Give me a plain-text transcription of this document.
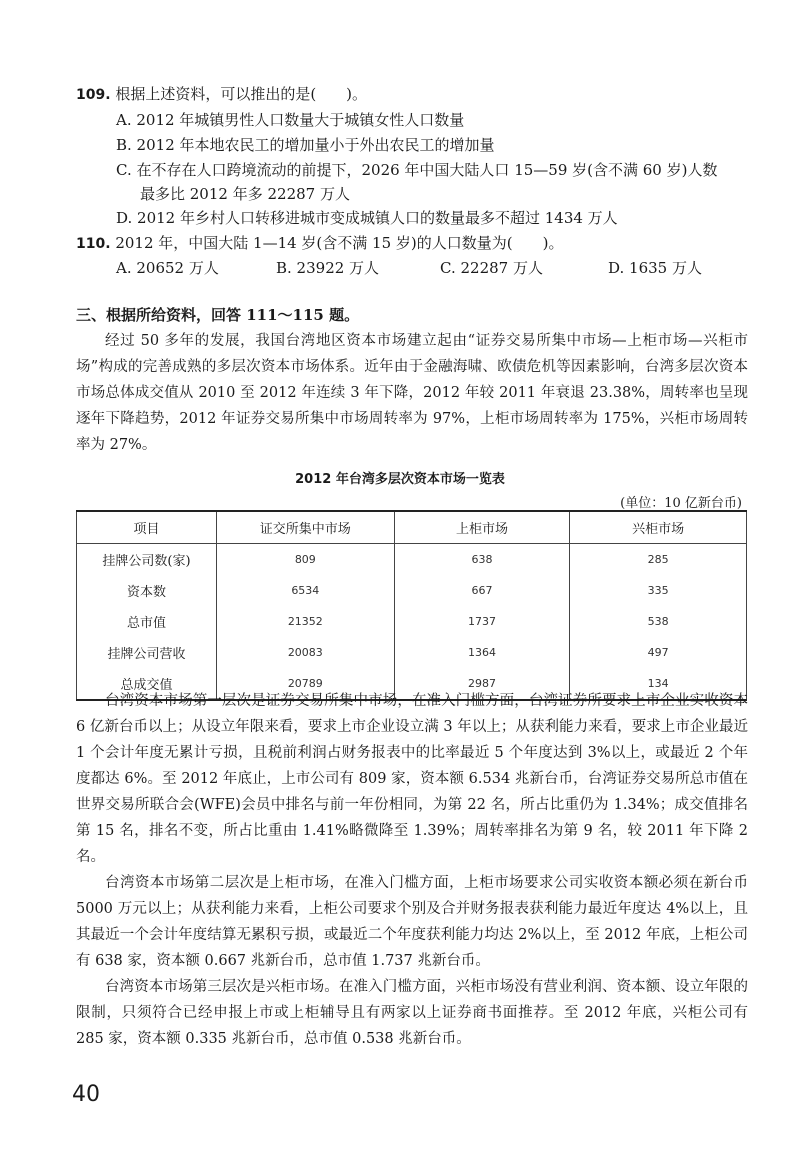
109. 根据上述资料，可以推出的是(　　)。
A. 2012 年城镇男性人口数量大于城镇女性人口数量
B. 2012 年本地农民工的增加量小于外出农民工的增加量
C. 在不存在人口跨境流动的前提下，2026 年中国大陆人口 15—59 岁(含不满 60 岁)人数
最多比 2012 年多 22287 万人
D. 2012 年乡村人口转移进城市变成城镇人口的数量最多不超过 1434 万人
110. 2012 年，中国大陆 1—14 岁(含不满 15 岁)的人口数量为(　　)。
A. 20652 万人	B. 23922 万人	C. 22287 万人	D. 1635 万人
三、根据所给资料，回答 111～115 题。

经过 50 多年的发展，我国台湾地区资本市场建立起由“证券交易所集中市场—上柜市场—兴柜市场”构成的完善成熟的多层次资本市场体系。近年由于金融海啸、欧债危机等因素影响，台湾多层次资本市场总体成交值从 2010 至 2012 年连续 3 年下降，2012 年较 2011 年衰退 23.38%，周转率也呈现逐年下降趋势，2012 年证券交易所集中市场周转率为 97%，上柜市场周转率为 175%，兴柜市场周转率为 27%。

2012 年台湾多层次资本市场一览表
(单位：10 亿新台币)
项目	证交所集中市场	上柜市场	兴柜市场
挂牌公司数(家)	809	638	285
资本数	6534	667	335
总市值	21352	1737	538
挂牌公司营收	20083	1364	497
总成交值	20789	2987	134

台湾资本市场第一层次是证券交易所集中市场，在准入门槛方面，台湾证券所要求上市企业实收资本 6 亿新台币以上；从设立年限来看，要求上市企业设立满 3 年以上；从获利能力来看，要求上市企业最近 1 个会计年度无累计亏损，且税前利润占财务报表中的比率最近 5 个年度达到 3%以上，或最近 2 个年度都达 6%。至 2012 年底止，上市公司有 809 家，资本额 6.534 兆新台币，台湾证券交易所总市值在世界交易所联合会(WFE)会员中排名与前一年份相同，为第 22 名，所占比重仍为 1.34%；成交值排名第 15 名，排名不变，所占比重由 1.41%略微降至 1.39%；周转率排名为第 9 名，较 2011 年下降 2 名。

台湾资本市场第二层次是上柜市场，在准入门槛方面，上柜市场要求公司实收资本额必须在新台币 5000 万元以上；从获利能力来看，上柜公司要求个别及合并财务报表获利能力最近年度达 4%以上，且其最近一个会计年度结算无累积亏损，或最近二个年度获利能力均达 2%以上，至 2012 年底，上柜公司有 638 家，资本额 0.667 兆新台币，总市值 1.737 兆新台币。

台湾资本市场第三层次是兴柜市场。在准入门槛方面，兴柜市场没有营业利润、资本额、设立年限的限制，只须符合已经申报上市或上柜辅导且有两家以上证券商书面推荐。至 2012 年底，兴柜公司有 285 家，资本额 0.335 兆新台币，总市值 0.538 兆新台币。

40
